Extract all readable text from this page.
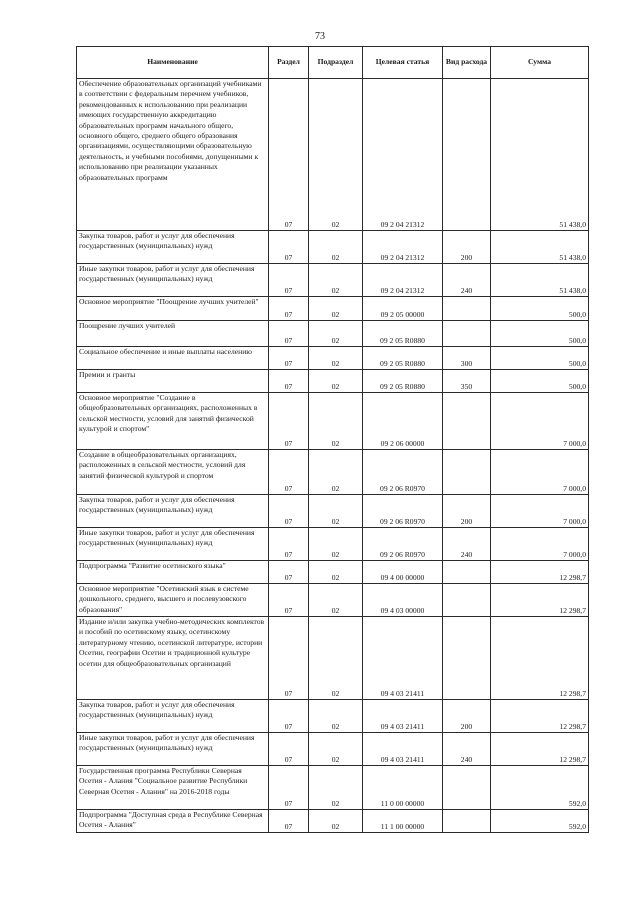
73
Наименование	Раздел	Подраздел	Целевая статья	Вид расхода	Сумма

Обеспечение образовательных организаций учебниками в соответствии с федеральным перечнем учебников, рекомендованных к использованию при реализации имеющих государственную аккредитацию образовательных программ начального общего, основного общего, среднего общего образования организациями, осуществляющими образовательную деятельность, и учебными пособиями, допущенными к использованию при реализации указанных образовательных программ	07	02	09 2 04 21312		51 438,0

Закупка товаров, работ и услуг для обеспечения государственных (муниципальных) нужд	07	02	09 2 04 21312	200	51 438,0

Иные закупки товаров, работ и услуг для обеспечения государственных (муниципальных) нужд	07	02	09 2 04 21312	240	51 438,0

Основное мероприятие "Поощрение лучших учителей"	07	02	09 2 05 00000		500,0

Поощрение лучших учителей	07	02	09 2 05 R0880		500,0

Социальное обеспечение и иные выплаты населению	07	02	09 2 05 R0880	300	500,0

Премии и гранты	07	02	09 2 05 R0880	350	500,0

Основное мероприятие "Создание в общеобразовательных организациях, расположенных в сельской местности, условий для занятий физической культурой и спортом"	07	02	09 2 06 00000		7 000,0

Создание в общеобразовательных организациях, расположенных в сельской местности, условий для занятий физической культурой и спортом	07	02	09 2 06 R0970		7 000,0

Закупка товаров, работ и услуг для обеспечения государственных (муниципальных) нужд	07	02	09 2 06 R0970	200	7 000,0

Иные закупки товаров, работ и услуг для обеспечения государственных (муниципальных) нужд	07	02	09 2 06 R0970	240	7 000,0

Подпрограмма "Развитие осетинского языка"	07	02	09 4 00 00000		12 298,7

Основное мероприятие "Осетинский язык в системе дошкольного, среднего, высшего и послевузовского образования"	07	02	09 4 03 00000		12 298,7

Издание и/или закупка учебно-методических комплектов и пособий по осетинскому языку, осетинскому литературному чтению, осетинской литературе, истории Осетии, географии Осетии и традиционной культуре осетин для общеобразовательных организаций	07	02	09 4 03 21411		12 298,7

Закупка товаров, работ и услуг для обеспечения государственных (муниципальных) нужд	07	02	09 4 03 21411	200	12 298,7

Иные закупки товаров, работ и услуг для обеспечения государственных (муниципальных) нужд	07	02	09 4 03 21411	240	12 298,7

Государственная программа Республики Северная Осетия - Алания "Социальное развитие Республики Северная Осетия - Алания" на 2016-2018 годы	07	02	11 0 00 00000		592,0

Подпрограмма "Доступная среда в Республике Северная Осетия - Алания"	07	02	11 1 00 00000		592,0
